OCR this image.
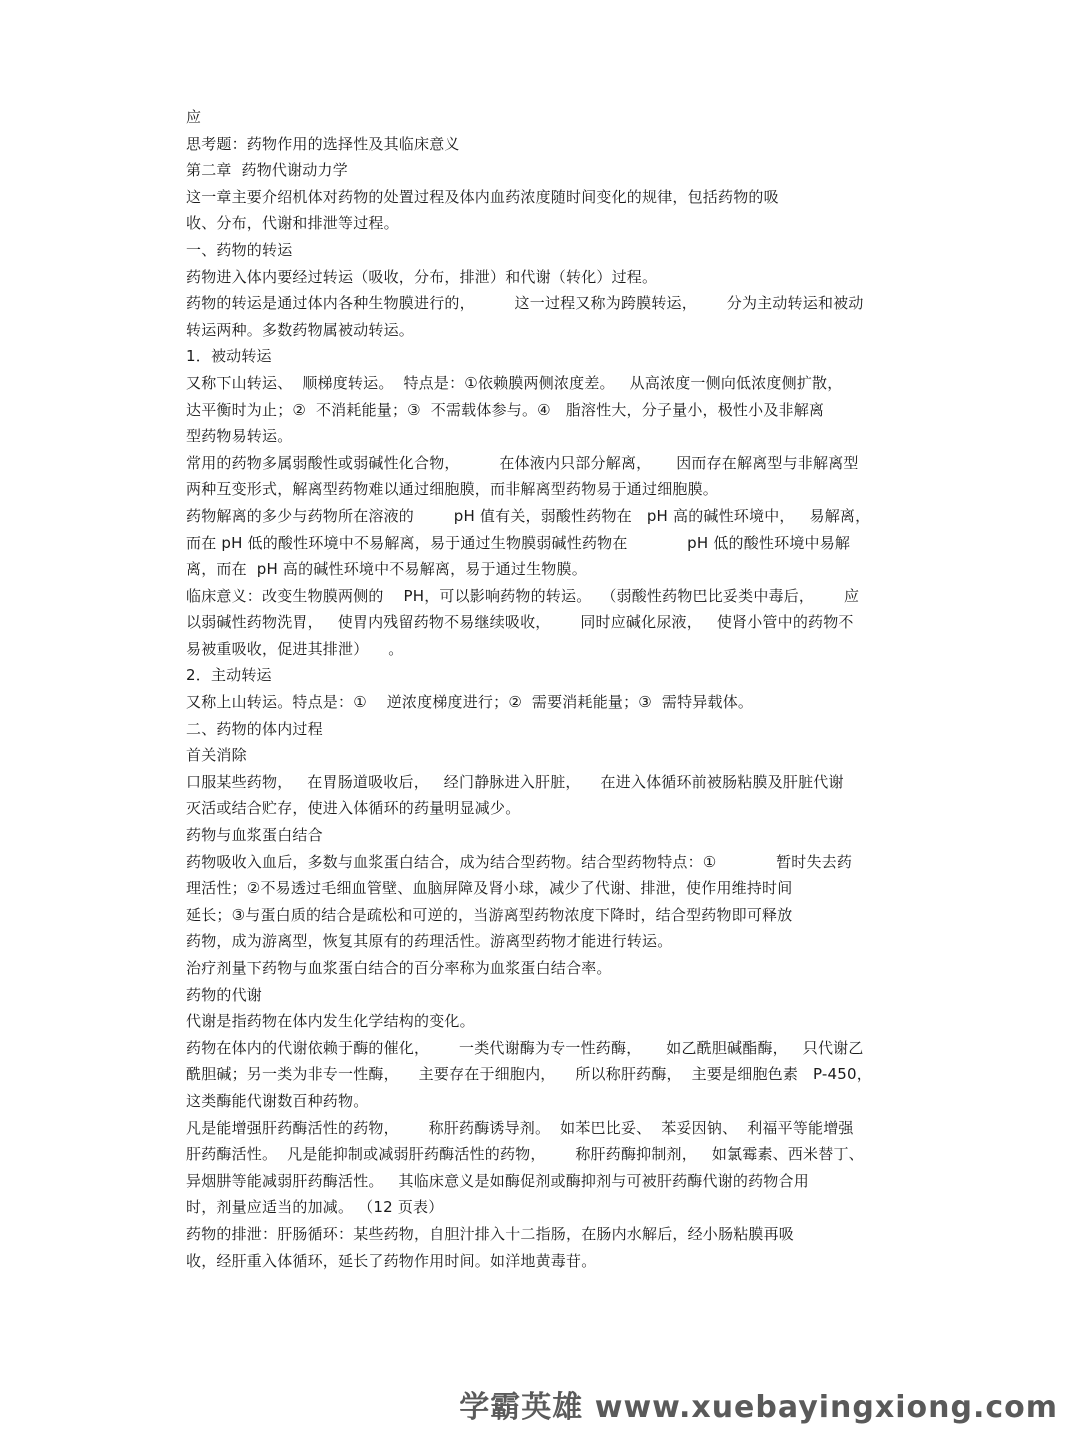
应
思考题：药物作用的选择性及其临床意义
第二章  药物代谢动力学
这一章主要介绍机体对药物的处置过程及体内血药浓度随时间变化的规律，包括药物的吸
收、分布，代谢和排泄等过程。
一、药物的转运
药物进入体内要经过转运（吸收，分布，排泄）和代谢（转化）过程。
药物的转运是通过体内各种生物膜进行的，        这一过程又称为跨膜转运，      分为主动转运和被动
转运两种。多数药物属被动转运。
1．被动转运
又称下山转运、  顺梯度转运。  特点是：①依赖膜两侧浓度差。   从高浓度一侧向低浓度侧扩散，
达平衡时为止；②  不消耗能量；③  不需载体参与。④   脂溶性大，分子量小，极性小及非解离
型药物易转运。
常用的药物多属弱酸性或弱碱性化合物，        在体液内只部分解离，     因而存在解离型与非解离型
两种互变形式，解离型药物难以通过细胞膜，而非解离型药物易于通过细胞膜。
药物解离的多少与药物所在溶液的        pH 值有关，弱酸性药物在   pH 高的碱性环境中，   易解离，
而在 pH 低的酸性环境中不易解离，易于通过生物膜弱碱性药物在            pH 低的酸性环境中易解
离，而在  pH 高的碱性环境中不易解离，易于通过生物膜。
临床意义：改变生物膜两侧的    PH，可以影响药物的转运。  （弱酸性药物巴比妥类中毒后，      应
以弱碱性药物洗胃，   使胃内残留药物不易继续吸收，      同时应碱化尿液，   使肾小管中的药物不
易被重吸收，促进其排泄）    。
2．主动转运
又称上山转运。特点是：①    逆浓度梯度进行；②  需要消耗能量；③  需特异载体。
二、药物的体内过程
首关消除
口服某些药物，   在胃肠道吸收后，   经门静脉进入肝脏，    在进入体循环前被肠粘膜及肝脏代谢
灭活或结合贮存，使进入体循环的药量明显减少。
药物与血浆蛋白结合
药物吸收入血后，多数与血浆蛋白结合，成为结合型药物。结合型药物特点：①            暂时失去药
理活性；②不易透过毛细血管壁、血脑屏障及肾小球，减少了代谢、排泄，使作用维持时间
延长；③与蛋白质的结合是疏松和可逆的，当游离型药物浓度下降时，结合型药物即可释放
药物，成为游离型，恢复其原有的药理活性。游离型药物才能进行转运。
治疗剂量下药物与血浆蛋白结合的百分率称为血浆蛋白结合率。
药物的代谢
代谢是指药物在体内发生化学结构的变化。
药物在体内的代谢依赖于酶的催化，      一类代谢酶为专一性药酶，     如乙酰胆碱酯酶，   只代谢乙
酰胆碱；另一类为非专一性酶，    主要存在于细胞内，    所以称肝药酶，  主要是细胞色素   P-450，
这类酶能代谢数百种药物。
凡是能增强肝药酶活性的药物，      称肝药酶诱导剂。  如苯巴比妥、  苯妥因钠、  利福平等能增强
肝药酶活性。  凡是能抑制或减弱肝药酶活性的药物，      称肝药酶抑制剂，   如氯霉素、西米替丁、
异烟肼等能减弱肝药酶活性。   其临床意义是如酶促剂或酶抑剂与可被肝药酶代谢的药物合用
时，剂量应适当的加减。 （12 页表）
药物的排泄：肝肠循环：某些药物，自胆汁排入十二指肠，在肠内水解后，经小肠粘膜再吸
收，经肝重入体循环，延长了药物作用时间。如洋地黄毒苷。
学霸英雄 www.xuebayingxiong.com
